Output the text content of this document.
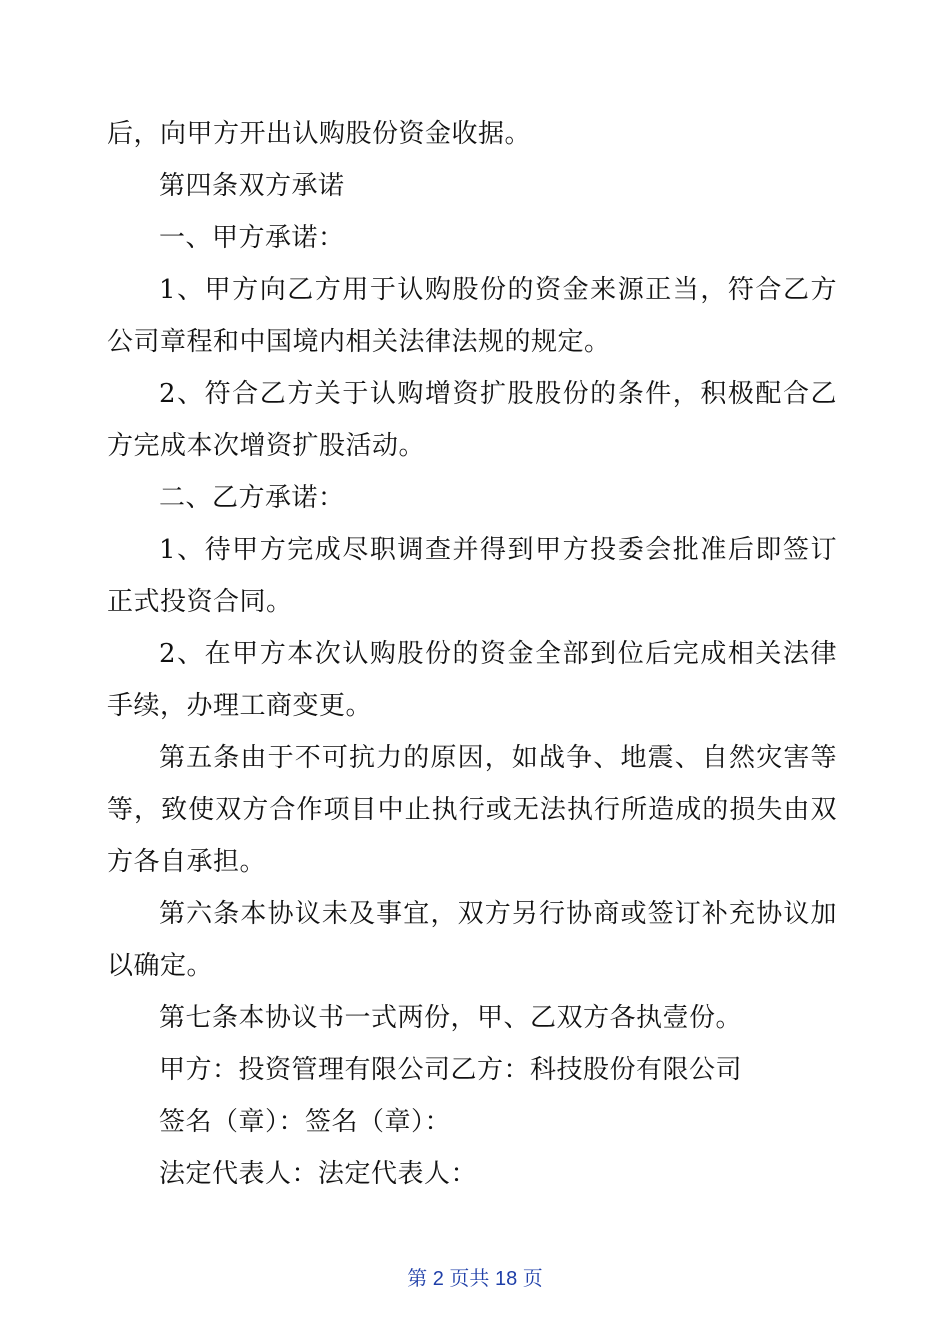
后，向甲方开出认购股份资金收据。

第四条双方承诺

一、甲方承诺：

1、甲方向乙方用于认购股份的资金来源正当，符合乙方公司章程和中国境内相关法律法规的规定。

2、符合乙方关于认购增资扩股股份的条件，积极配合乙方完成本次增资扩股活动。

二、乙方承诺：

1、待甲方完成尽职调查并得到甲方投委会批准后即签订正式投资合同。

2、在甲方本次认购股份的资金全部到位后完成相关法律手续，办理工商变更。

第五条由于不可抗力的原因，如战争、地震、自然灾害等等，致使双方合作项目中止执行或无法执行所造成的损失由双方各自承担。

第六条本协议未及事宜，双方另行协商或签订补充协议加以确定。

第七条本协议书一式两份，甲、乙双方各执壹份。

甲方：投资管理有限公司乙方：科技股份有限公司

签名（章）：签名（章）：

法定代表人：法定代表人：

第 2 页共 18 页
